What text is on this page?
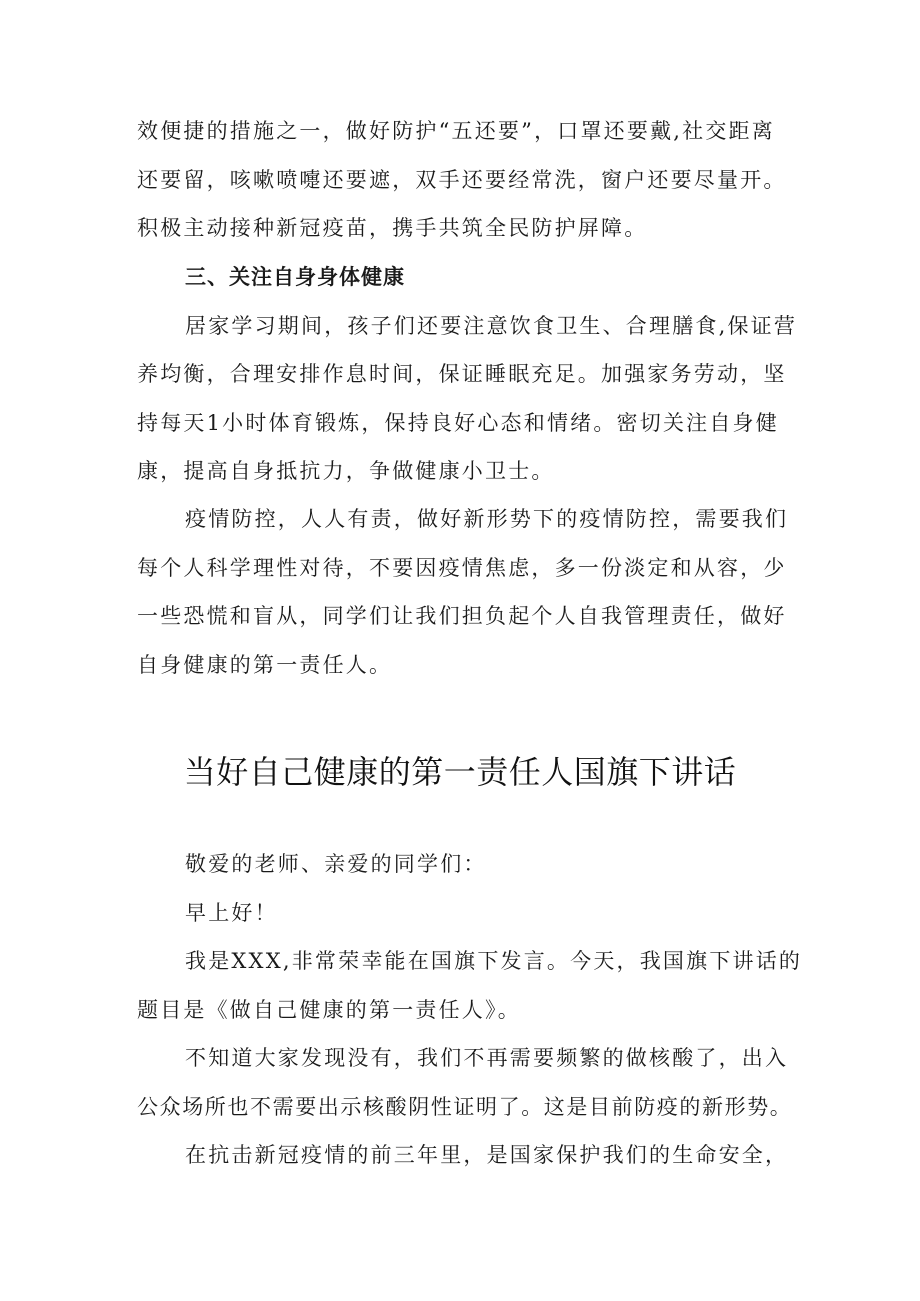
效便捷的措施之一，做好防护“五还要”，口罩还要戴,社交距离
还要留，咳嗽喷嚏还要遮，双手还要经常洗，窗户还要尽量开。
积极主动接种新冠疫苗，携手共筑全民防护屏障。
三、关注自身身体健康
居家学习期间，孩子们还要注意饮食卫生、合理膳食,保证营
养均衡，合理安排作息时间，保证睡眠充足。加强家务劳动，坚
持每天1小时体育锻炼，保持良好心态和情绪。密切关注自身健
康，提高自身抵抗力，争做健康小卫士。
疫情防控，人人有责，做好新形势下的疫情防控，需要我们
每个人科学理性对待，不要因疫情焦虑，多一份淡定和从容，少
一些恐慌和盲从，同学们让我们担负起个人自我管理责任，做好
自身健康的第一责任人。
当好自己健康的第一责任人国旗下讲话
敬爱的老师、亲爱的同学们：
早上好！
我是XXX,非常荣幸能在国旗下发言。今天，我国旗下讲话的
题目是《做自己健康的第一责任人》。
不知道大家发现没有，我们不再需要频繁的做核酸了，出入
公众场所也不需要出示核酸阴性证明了。这是目前防疫的新形势。
在抗击新冠疫情的前三年里，是国家保护我们的生命安全，
